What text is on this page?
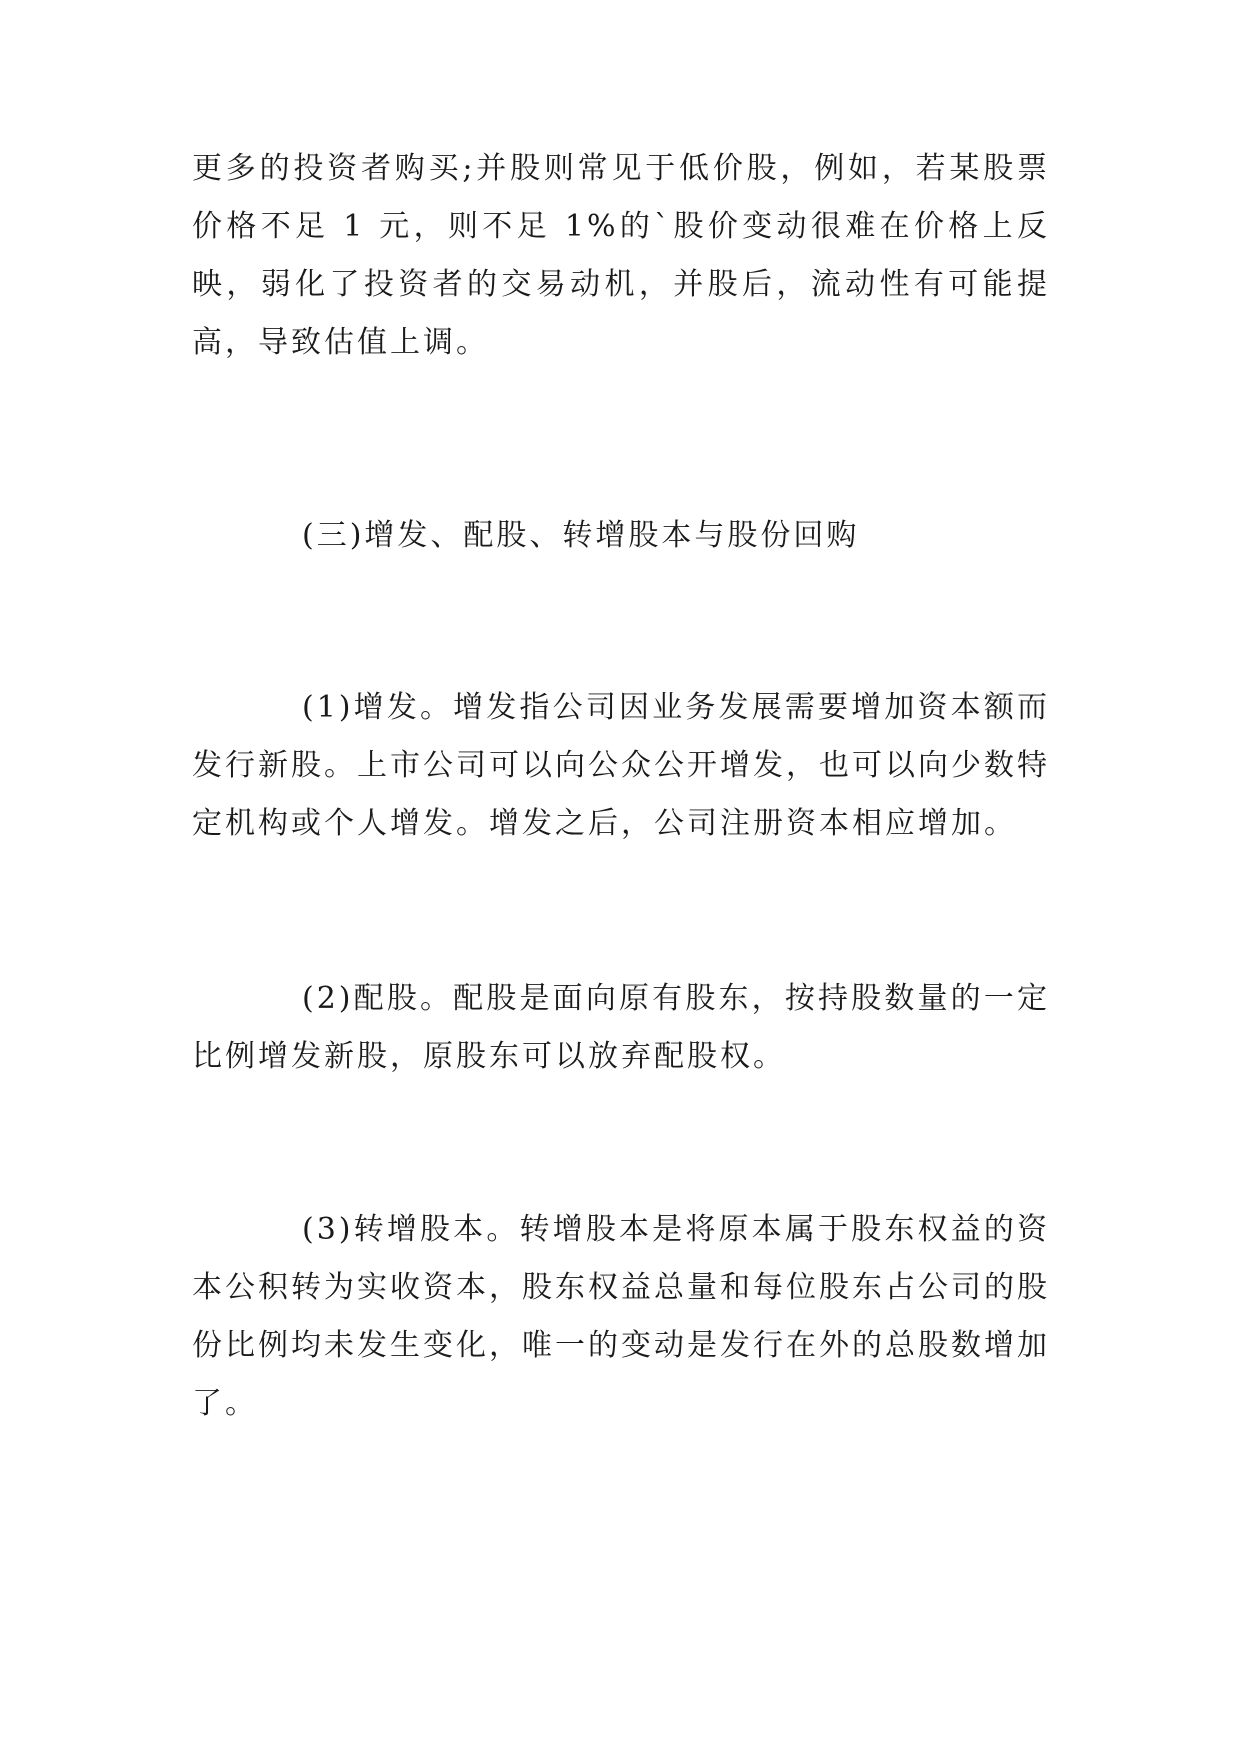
更多的投资者购买;并股则常见于低价股，例如，若某股票价格不足 1 元，则不足 1%的`股价变动很难在价格上反映，弱化了投资者的交易动机，并股后，流动性有可能提高，导致估值上调。

(三)增发、配股、转增股本与股份回购

(1)增发。增发指公司因业务发展需要增加资本额而发行新股。上市公司可以向公众公开增发，也可以向少数特定机构或个人增发。增发之后，公司注册资本相应增加。

(2)配股。配股是面向原有股东，按持股数量的一定比例增发新股，原股东可以放弃配股权。

(3)转增股本。转增股本是将原本属于股东权益的资本公积转为实收资本，股东权益总量和每位股东占公司的股份比例均未发生变化，唯一的变动是发行在外的总股数增加了。
